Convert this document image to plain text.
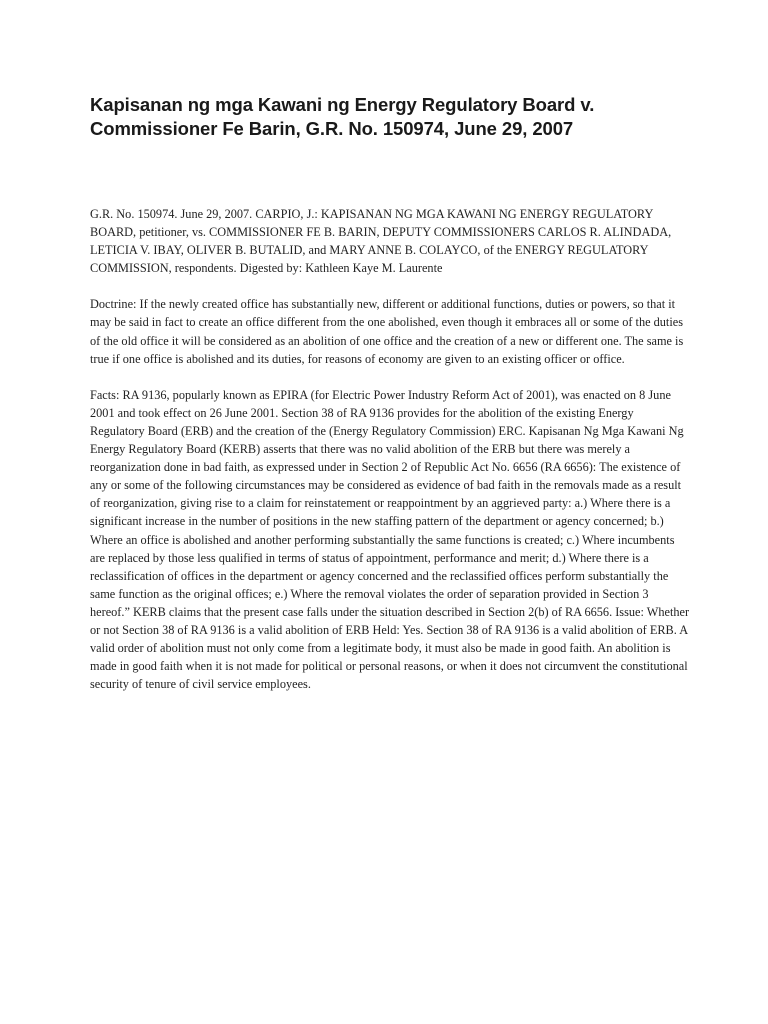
Kapisanan ng mga Kawani ng Energy Regulatory Board v. Commissioner Fe Barin, G.R. No. 150974, June 29, 2007

G.R. No. 150974. June 29, 2007. CARPIO, J.: KAPISANAN NG MGA KAWANI NG ENERGY REGULATORY BOARD, petitioner, vs. COMMISSIONER FE B. BARIN, DEPUTY COMMISSIONERS CARLOS R. ALINDADA, LETICIA V. IBAY, OLIVER B. BUTALID, and MARY ANNE B. COLAYCO, of the ENERGY REGULATORY COMMISSION, respondents. Digested by: Kathleen Kaye M. Laurente

Doctrine: If the newly created office has substantially new, different or additional functions, duties or powers, so that it may be said in fact to create an office different from the one abolished, even though it embraces all or some of the duties of the old office it will be considered as an abolition of one office and the creation of a new or different one. The same is true if one office is abolished and its duties, for reasons of economy are given to an existing officer or office.

Facts: RA 9136, popularly known as EPIRA (for Electric Power Industry Reform Act of 2001), was enacted on 8 June 2001 and took effect on 26 June 2001. Section 38 of RA 9136 provides for the abolition of the existing Energy Regulatory Board (ERB) and the creation of the (Energy Regulatory Commission) ERC. Kapisanan Ng Mga Kawani Ng Energy Regulatory Board (KERB) asserts that there was no valid abolition of the ERB but there was merely a reorganization done in bad faith, as expressed under in Section 2 of Republic Act No. 6656 (RA 6656): The existence of any or some of the following circumstances may be considered as evidence of bad faith in the removals made as a result of reorganization, giving rise to a claim for reinstatement or reappointment by an aggrieved party: a.) Where there is a significant increase in the number of positions in the new staffing pattern of the department or agency concerned; b.) Where an office is abolished and another performing substantially the same functions is created; c.) Where incumbents are replaced by those less qualified in terms of status of appointment, performance and merit; d.) Where there is a reclassification of offices in the department or agency concerned and the reclassified offices perform substantially the same function as the original offices; e.) Where the removal violates the order of separation provided in Section 3 hereof.” KERB claims that the present case falls under the situation described in Section 2(b) of RA 6656. Issue: Whether or not Section 38 of RA 9136 is a valid abolition of ERB Held: Yes. Section 38 of RA 9136 is a valid abolition of ERB. A valid order of abolition must not only come from a legitimate body, it must also be made in good faith. An abolition is made in good faith when it is not made for political or personal reasons, or when it does not circumvent the constitutional security of tenure of civil service employees.
